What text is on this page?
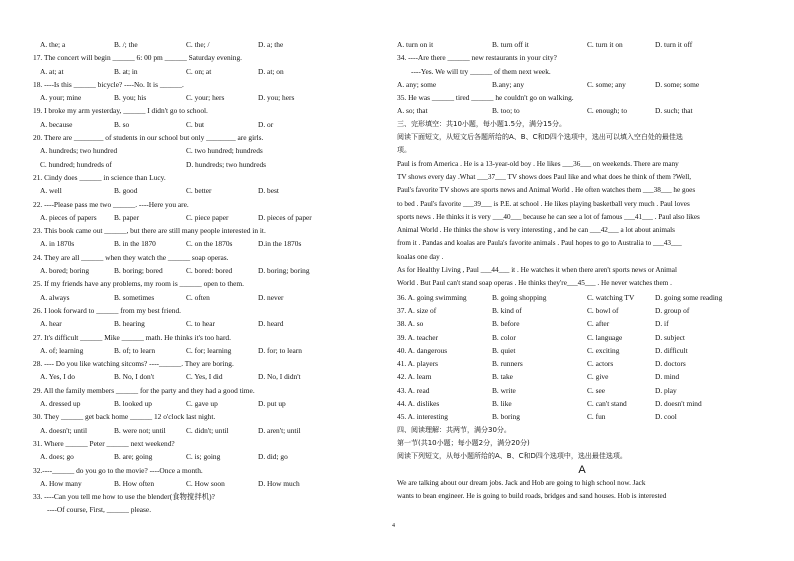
A. the; a	B. /; the	C. the; /	D. a; the
17. The concert will begin ______ 6: 00 pm ______ Saturday evening.
A. at; at	B. at; in	C. on; at	D. at; on
18. ----Is this ______ bicycle? ----No. It is ______.
A. your; mine	B. you; his	C. your; hers	D. you; hers
19. I broke my arm yesterday, ______ I didn't go to school.
A. because	B. so	C. but	D. or
20. There are ________ of students in our school but only ________ are girls.
A. hundreds; two hundred	C. two hundred; hundreds
C. hundred; hundreds of	D. hundreds; two hundreds
21. Cindy does ______ in science than Lucy.
A. well	B. good	C. better	D. best
22. ----Please pass me two ______. ----Here you are.
A. pieces of papers B. paper	C. piece paper	D. pieces of paper
23. This book came out ______, but there are still many people interested in it.
A. in 1870s	B. in the 1870	C. on the 1870s	D.in the 1870s
24. They are all ______ when they watch the ______ soap operas.
A. bored; boring	B. boring; bored	C. bored: bored	D. boring; boring
25. If my friends have any problems, my room is ______ open to them.
A. always	B. sometimes	C. often	D. never
26. I look forward to ______ from my best friend.
A. hear	B. hearing	C. to hear	D. heard
27. It's difficult ______ Mike ______ math. He thinks it's too hard.
A. of; learning	B. of; to learn	C. for; learning	D. for; to learn
28. ---- Do you like watching sitcoms? ----______. They are boring.
A. Yes, I do	B. No, I don't	C. Yes, I did	D. No, I didn't
29. All the family members ______ for the party and they had a good time.
A. dressed up	B. looked up	C. gave up	D. put up
30. They ______ get back home ______ 12 o'clock last night.
A. doesn't; until	B. were not; until	C. didn't; until	D. aren't; until
31. Where ______ Peter ______ next weekend?
A. does; go	B. are; going	C. is; going	D. did; go
32.----______ do you go to the movie? ----Once a month.
A. How many	B. How often	C. How soon	D. How much
33. ----Can you tell me how to use the blender(食物搅拌机)?
----Of course, First, ______ please.
A. turn on it	B. turn off it	C. turn it on	D. turn it off
34. ----Are there ______ new restaurants in your city?
----Yes. We will try ______ of them next week.
A. any; some	B.any; any	C. some; any	D. some; some
35. He was ______ tired ______ he couldn't go on walking.
A. so; that	B. too; to	C. enough; to	D. such; that
三、完形填空：共10小题，每小题1.5分，满分15分。
阅读下面短文，从短文后各题所给的A、B、C和D四个选项中，选出可以填入空白处的最佳选
项。
Paul is from America . He is a 13-year-old boy . He likes ___36___ on weekends. There are many
TV shows every day .What ___37___ TV shows does Paul like and what does he think of them ?Well,
Paul's favorite TV shows are sports news and Animal World . He often watches them ___38___ he goes
to bed . Paul's favorite ___39___ is P.E. at school . He likes playing basketball very much . Paul loves
sports news . He thinks it is very ___40___ because he can see a lot of famous ___41___ . Paul also likes
Animal World . He thinks the show is very interesting , and he can ___42___ a lot about animals
from it . Pandas and koalas are Paula's favorite animals . Paul hopes to go to Australia to ___43___
koalas one day .
As for Healthy Living , Paul ___44___ it . He watches it when there aren't sports news or Animal
World . But Paul can't stand soap operas . He thinks they're___45___ . He never watches them .
36. A. going swimming	B. going shopping	C. watching TV	D. going some reading
37. A. size of	B. kind of	C. bowl of	D. group of
38. A. so	B. before	C. after	D. if
39. A. teacher	B. color	C. language	D. subject
40. A. dangerous	B. quiet	C. exciting	D. difficult
41. A. players	B. runners	C. actors	D. doctors
42. A. learn	B. take	C. give	D. mind
43. A. read	B. write	C. see	D. play
44. A. dislikes	B. like	C. can't stand	D. doesn't mind
45. A. interesting	B. boring	C. fun	D. cool
四、阅读理解：共两节，满分30分。
第一节(共10小题；每小题2分，满分20分)
阅读下列短文，从每小题所给的A、B、C和D四个选项中，选出最佳选项。
A
We are talking about our dream jobs. Jack and Hob are going to high school now. Jack
wants to bean engineer. He is going to build roads, bridges and sand houses. Hob is interested
4
